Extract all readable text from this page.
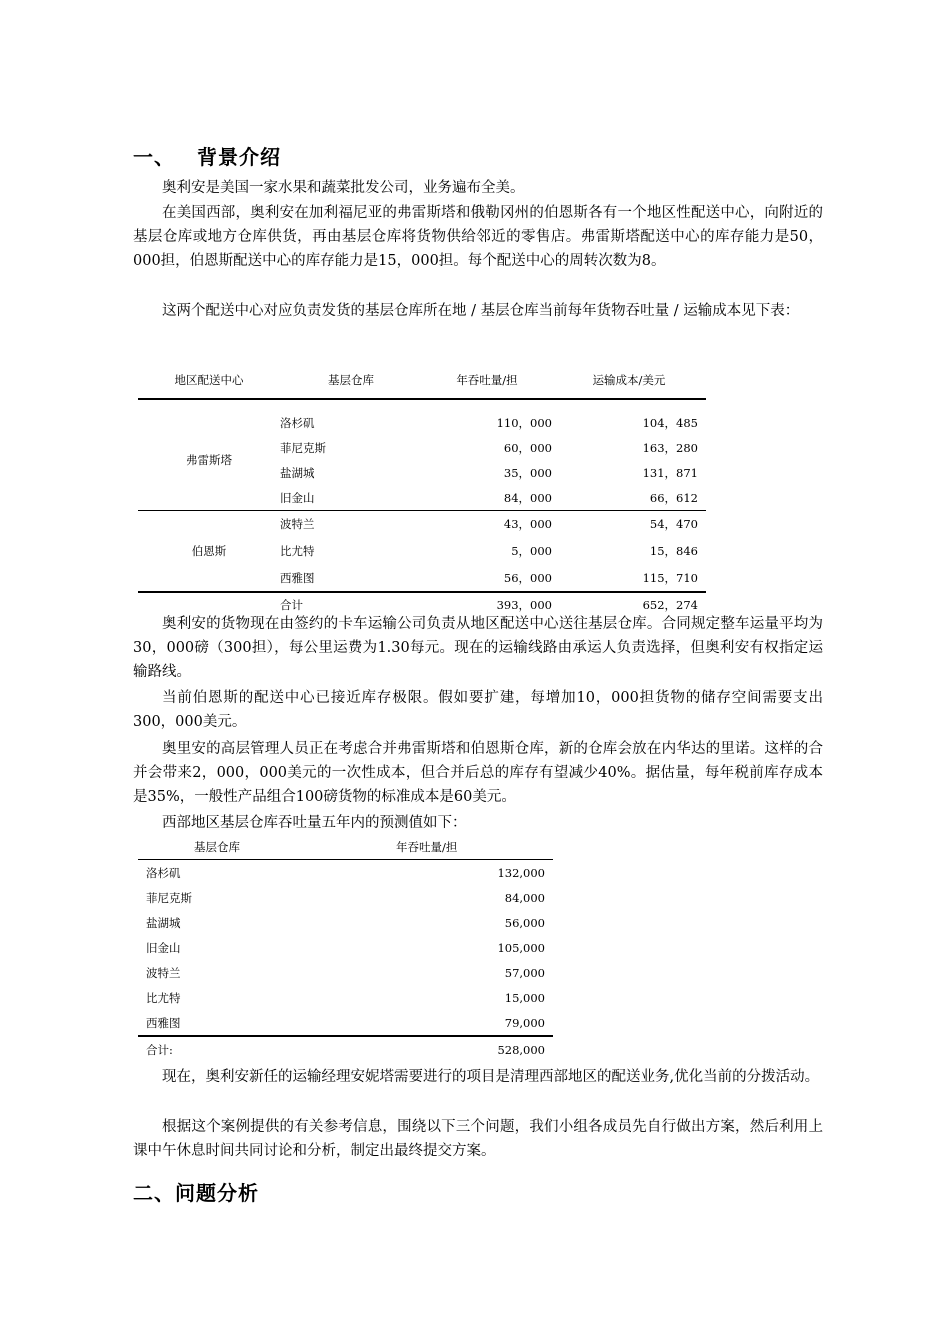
一、 背景介绍

奥利安是美国一家水果和蔬菜批发公司，业务遍布全美。

在美国西部，奥利安在加利福尼亚的弗雷斯塔和俄勒冈州的伯恩斯各有一个地区性配送中心，向附近的基层仓库或地方仓库供货，再由基层仓库将货物供给邻近的零售店。弗雷斯塔配送中心的库存能力是50，000担，伯恩斯配送中心的库存能力是15，000担。每个配送中心的周转次数为8。

这两个配送中心对应负责发货的基层仓库所在地 / 基层仓库当前每年货物吞吐量 / 运输成本见下表：

地区配送中心	基层仓库	年吞吐量/担	运输成本/美元

弗雷斯塔	洛杉矶	110，000	104，485
	菲尼克斯	60，000	163，280
	盐湖城	35，000	131，871
	旧金山	84，000	66，612
伯恩斯	波特兰	43，000	54，470
	比尤特	5，000	15，846
	西雅图	56，000	115，710
	合计	393，000	652，274

奥利安的货物现在由签约的卡车运输公司负责从地区配送中心送往基层仓库。合同规定整车运量平均为30，000磅（300担），每公里运费为1.30每元。现在的运输线路由承运人负责选择，但奥利安有权指定运输路线。

当前伯恩斯的配送中心已接近库存极限。假如要扩建，每增加10，000担货物的储存空间需要支出300，000美元。

奥里安的高层管理人员正在考虑合并弗雷斯塔和伯恩斯仓库，新的仓库会放在内华达的里诺。这样的合并会带来2，000，000美元的一次性成本，但合并后总的库存有望减少40%。据估量，每年税前库存成本是35%，一般性产品组合100磅货物的标准成本是60美元。

西部地区基层仓库吞吐量五年内的预测值如下：

基层仓库	年吞吐量/担
洛杉矶	132,000
菲尼克斯	84,000
盐湖城	56,000
旧金山	105,000
波特兰	57,000
比尤特	15,000
西雅图	79,000
合计:	528,000

现在，奥利安新任的运输经理安妮塔需要进行的项目是清理西部地区的配送业务,优化当前的分拨活动。

根据这个案例提供的有关参考信息，围绕以下三个问题，我们小组各成员先自行做出方案，然后利用上课中午休息时间共同讨论和分析，制定出最终提交方案。

二、问题分析
